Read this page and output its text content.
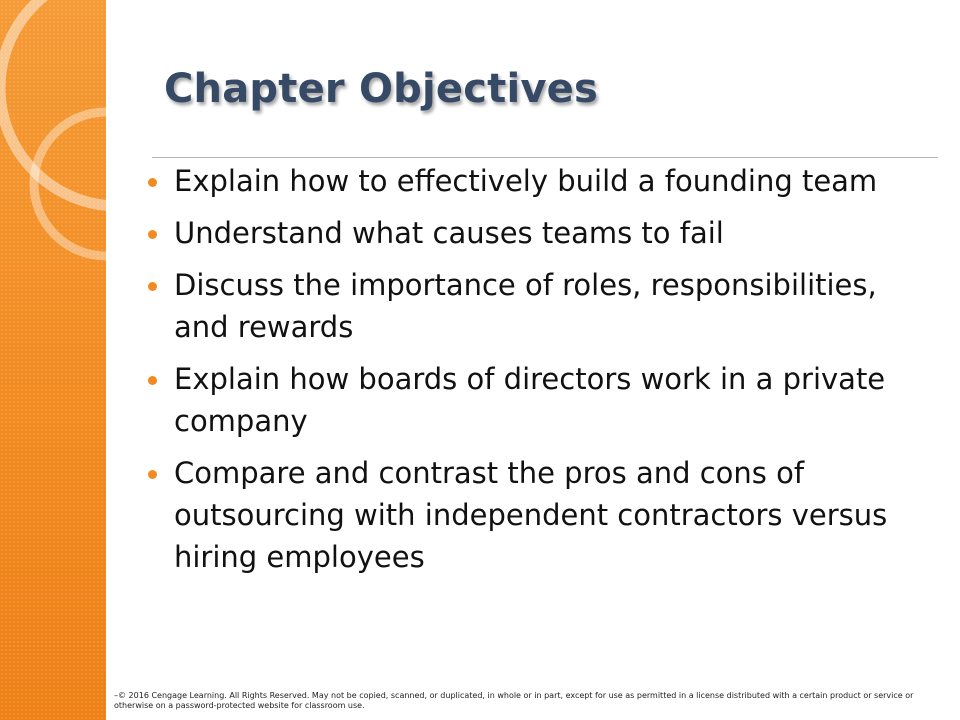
Chapter Objectives
Explain how to effectively build a founding team
Understand what causes teams to fail
Discuss the importance of roles, responsibilities, and rewards
Explain how boards of directors work in a private company
Compare and contrast the pros and cons of outsourcing with independent contractors versus hiring employees
–© 2016 Cengage Learning. All Rights Reserved. May not be copied, scanned, or duplicated, in whole or in part, except for use as permitted in a license distributed with a certain product or service or otherwise on a password-protected website for classroom use.
